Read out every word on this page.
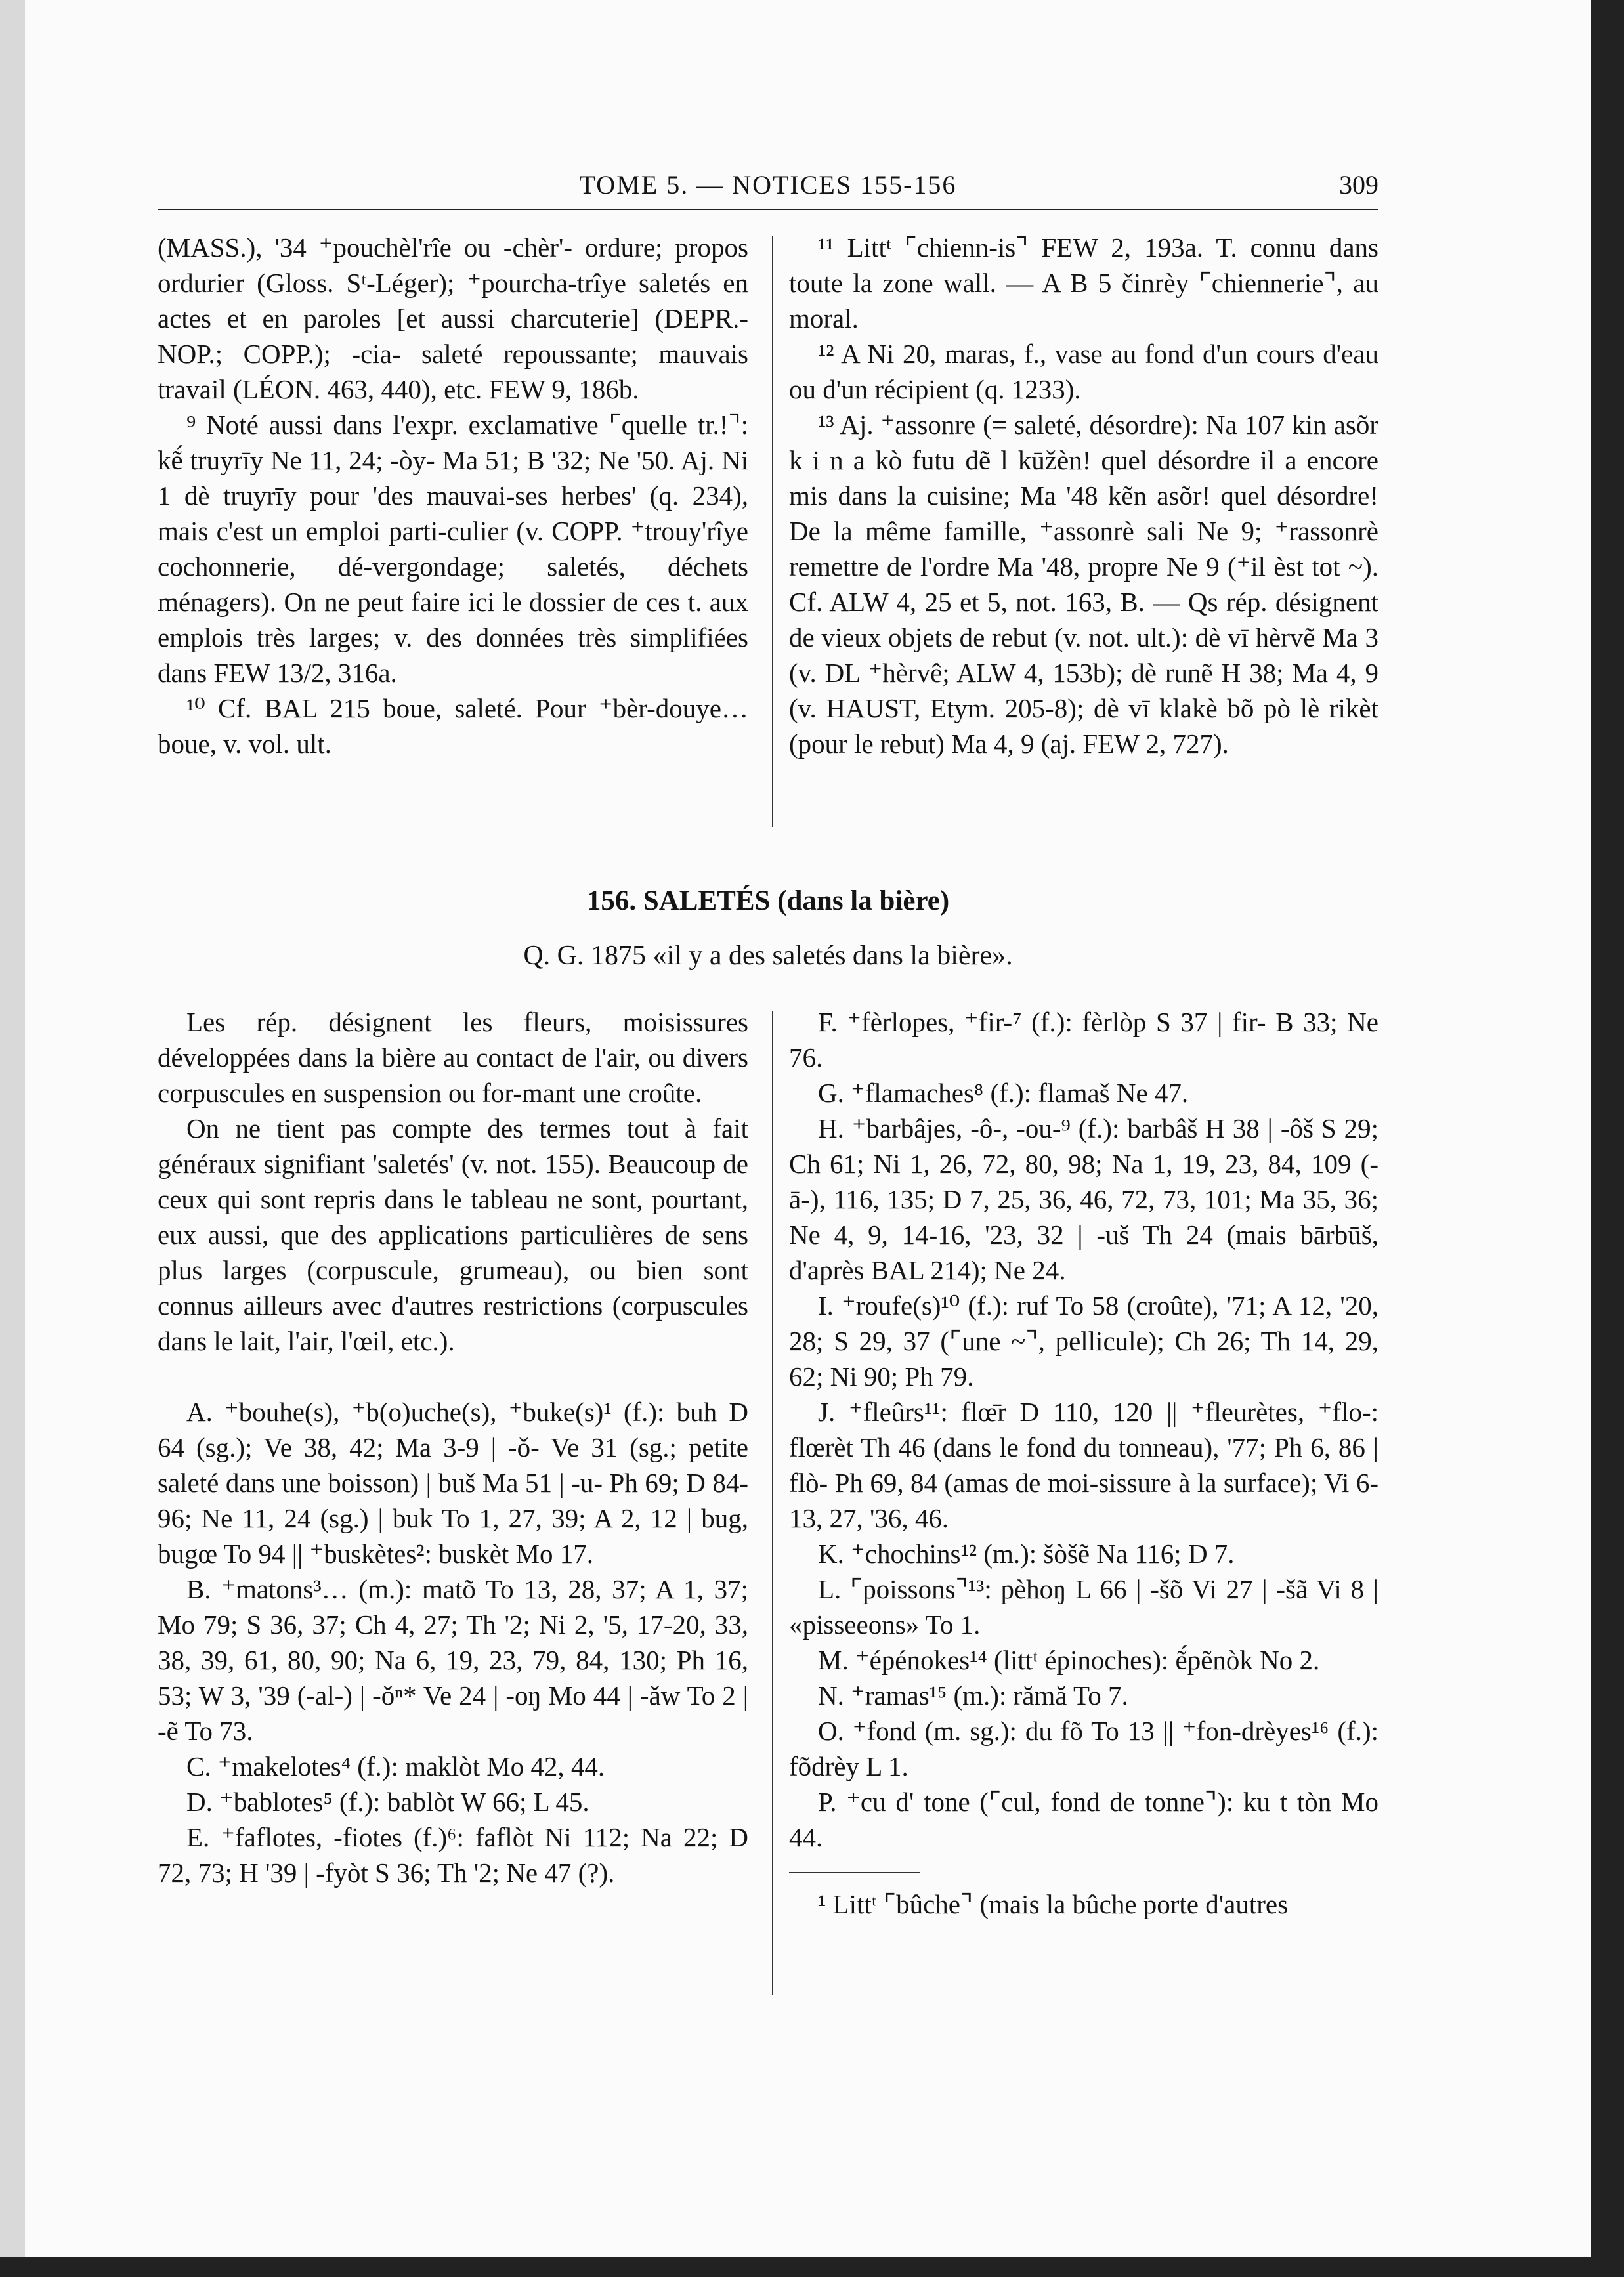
TOME 5. — NOTICES 155-156	309

(MASS.), '34 ⁺pouchèl'rîe ou -chèr'- ordure; propos ordurier (Gloss. Sᵗ-Léger); ⁺pourcha-trîye saletés en actes et en paroles [et aussi charcuterie] (DEPR.-NOP.; COPP.); -cia- saleté repoussante; mauvais travail (LÉON. 463, 440), etc. FEW 9, 186b.

⁹ Noté aussi dans l'expr. exclamative ⌜quelle tr.!⌝: kẽ́ truyrīy Ne 11, 24; -òy- Ma 51; B '32; Ne '50. Aj. Ni 1 dè truyrīy pour 'des mauvai-ses herbes' (q. 234), mais c'est un emploi parti-culier (v. COPP. ⁺trouy'rîye cochonnerie, dé-vergondage; saletés, déchets ménagers). On ne peut faire ici le dossier de ces t. aux emplois très larges; v. des données très simplifiées dans FEW 13/2, 316a.

¹⁰ Cf. BAL 215 boue, saleté. Pour ⁺bèr-douye… boue, v. vol. ult.

¹¹ Littᵗ ⌜chienn-is⌝ FEW 2, 193a. T. connu dans toute la zone wall. — A B 5 činrèy ⌜chiennerie⌝, au moral.

¹² A Ni 20, maras, f., vase au fond d'un cours d'eau ou d'un récipient (q. 1233).

¹³ Aj. ⁺assonre (= saleté, désordre): Na 107 kin asõr k i n a kò futu dẽ l kūžèn! quel désordre il a encore mis dans la cuisine; Ma '48 kẽn asõr! quel désordre! De la même famille, ⁺assonrè sali Ne 9; ⁺rassonrè remettre de l'ordre Ma '48, propre Ne 9 (⁺il èst tot ~). Cf. ALW 4, 25 et 5, not. 163, B. — Qs rép. désignent de vieux objets de rebut (v. not. ult.): dè vī hèrvẽ Ma 3 (v. DL ⁺hèrvê; ALW 4, 153b); dè runẽ H 38; Ma 4, 9 (v. HAUST, Etym. 205-8); dè vī klakè bõ pò lè rikèt (pour le rebut) Ma 4, 9 (aj. FEW 2, 727).

156. SALETÉS (dans la bière)
Q. G. 1875 «il y a des saletés dans la bière».

Les rép. désignent les fleurs, moisissures développées dans la bière au contact de l'air, ou divers corpuscules en suspension ou for-mant une croûte.

On ne tient pas compte des termes tout à fait généraux signifiant 'saletés' (v. not. 155). Beaucoup de ceux qui sont repris dans le tableau ne sont, pourtant, eux aussi, que des applications particulières de sens plus larges (corpuscule, grumeau), ou bien sont connus ailleurs avec d'autres restrictions (corpuscules dans le lait, l'air, l'œil, etc.).

A. ⁺bouhe(s), ⁺b(o)uche(s), ⁺buke(s)¹ (f.): buh D 64 (sg.); Ve 38, 42; Ma 3-9 | -ǒ- Ve 31 (sg.; petite saleté dans une boisson) | buš Ma 51 | -u- Ph 69; D 84-96; Ne 11, 24 (sg.) | buk To 1, 27, 39; A 2, 12 | bug, bugœ To 94 || ⁺buskètes²: buskèt Mo 17.

B. ⁺matons³… (m.): matõ To 13, 28, 37; A 1, 37; Mo 79; S 36, 37; Ch 4, 27; Th '2; Ni 2, '5, 17-20, 33, 38, 39, 61, 80, 90; Na 6, 19, 23, 79, 84, 130; Ph 16, 53; W 3, '39 (-al-) | -ǒⁿ* Ve 24 | -oŋ Mo 44 | -ǎw To 2 | -ẽ To 73.

C. ⁺makelotes⁴ (f.): maklòt Mo 42, 44.

D. ⁺bablotes⁵ (f.): bablòt W 66; L 45.

E. ⁺faflotes, -fiotes (f.)⁶: faflòt Ni 112; Na 22; D 72, 73; H '39 | -fyòt S 36; Th '2; Ne 47 (?).

F. ⁺fèrlopes, ⁺fir-⁷ (f.): fèrlòp S 37 | fir- B 33; Ne 76.

G. ⁺flamaches⁸ (f.): flamaš Ne 47.

H. ⁺barbâjes, -ô-, -ou-⁹ (f.): barbâš H 38 | -ôš S 29; Ch 61; Ni 1, 26, 72, 80, 98; Na 1, 19, 23, 84, 109 (-ā-), 116, 135; D 7, 25, 36, 46, 72, 73, 101; Ma 35, 36; Ne 4, 9, 14-16, '23, 32 | -uš Th 24 (mais bārbūš, d'après BAL 214); Ne 24.

I. ⁺roufe(s)¹⁰ (f.): ruf To 58 (croûte), '71; A 12, '20, 28; S 29, 37 (⌜une ~⌝, pellicule); Ch 26; Th 14, 29, 62; Ni 90; Ph 79.

J. ⁺fleûrs¹¹: flœ̄r D 110, 120 || ⁺fleurètes, ⁺flo-: flœrèt Th 46 (dans le fond du tonneau), '77; Ph 6, 86 | flò- Ph 69, 84 (amas de moi-sissure à la surface); Vi 6-13, 27, '36, 46.

K. ⁺chochins¹² (m.): šòšẽ Na 116; D 7.

L. ⌜poissons⌝¹³: pèhoŋ L 66 | -šõ Vi 27 | -šã Vi 8 | «pisseeons» To 1.

M. ⁺épénokes¹⁴ (littᵗ épinoches): ẽ́pẽnòk No 2.

N. ⁺ramas¹⁵ (m.): rămă To 7.

O. ⁺fond (m. sg.): du fõ To 13 || ⁺fon-drèyes¹⁶ (f.): fõdrèy L 1.

P. ⁺cu d' tone (⌜cul, fond de tonne⌝): ku t tòn Mo 44.

¹ Littᵗ ⌜bûche⌝ (mais la bûche porte d'autres
